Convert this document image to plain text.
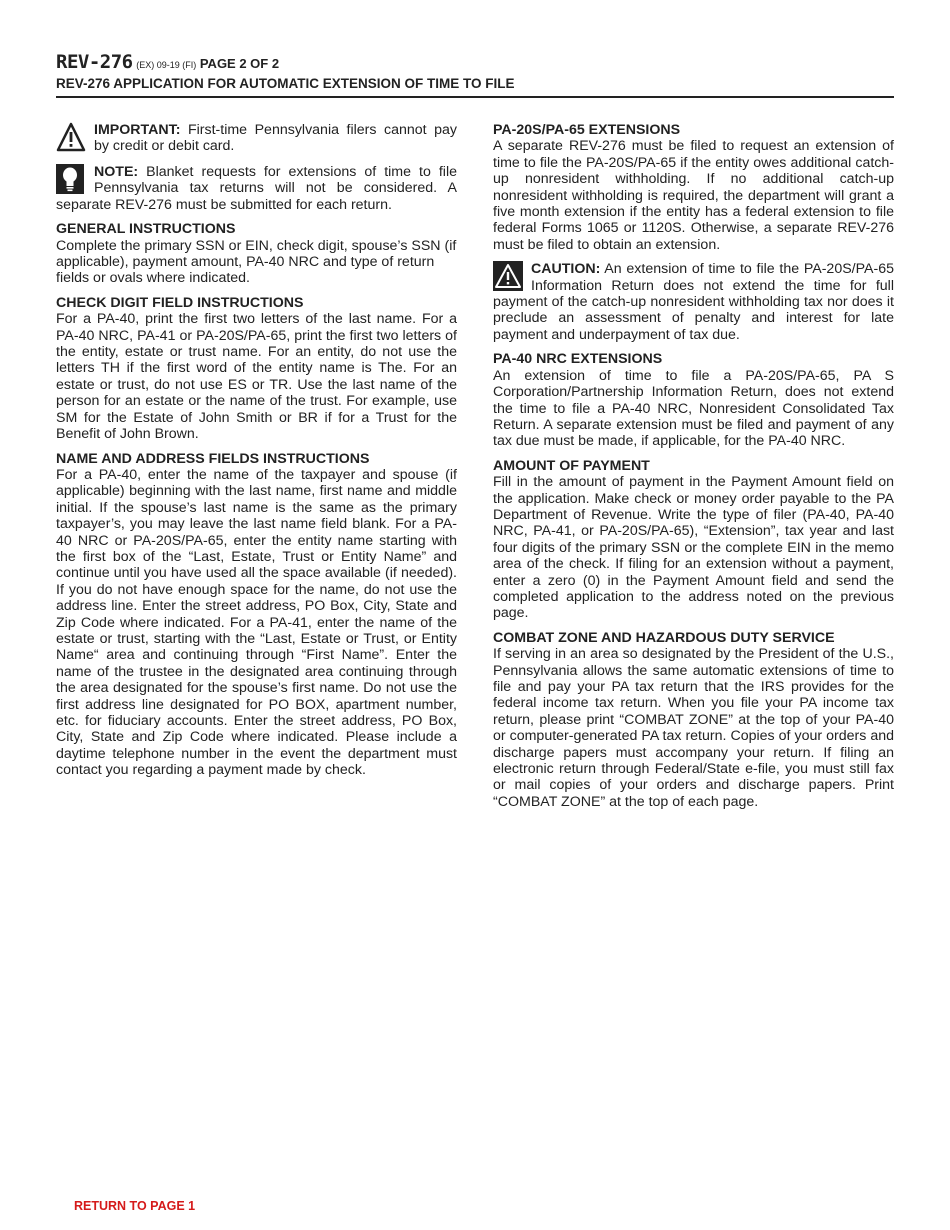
REV-276 (EX) 09-19 (FI) PAGE 2 OF 2
REV-276 APPLICATION FOR AUTOMATIC EXTENSION OF TIME TO FILE

IMPORTANT: First-time Pennsylvania filers cannot pay by credit or debit card.

NOTE: Blanket requests for extensions of time to file Pennsylvania tax returns will not be considered. A separate REV-276 must be submitted for each return.

GENERAL INSTRUCTIONS

Complete the primary SSN or EIN, check digit, spouse’s SSN (if applicable), payment amount, PA-40 NRC and type of return fields or ovals where indicated.

CHECK DIGIT FIELD INSTRUCTIONS

For a PA-40, print the first two letters of the last name. For a PA-40 NRC, PA-41 or PA-20S/PA-65, print the first two letters of the entity, estate or trust name. For an entity, do not use the letters TH if the first word of the entity name is The. For an estate or trust, do not use ES or TR. Use the last name of the person for an estate or the name of the trust. For example, use SM for the Estate of John Smith or BR if for a Trust for the Benefit of John Brown.

NAME AND ADDRESS FIELDS INSTRUCTIONS

For a PA-40, enter the name of the taxpayer and spouse (if applicable) beginning with the last name, first name and middle initial. If the spouse’s last name is the same as the primary taxpayer’s, you may leave the last name field blank. For a PA-40 NRC or PA-20S/PA-65, enter the entity name starting with the first box of the “Last, Estate, Trust or Entity Name” and continue until you have used all the space available (if needed). If you do not have enough space for the name, do not use the address line. Enter the street address, PO Box, City, State and Zip Code where indicated. For a PA-41, enter the name of the estate or trust, starting with the “Last, Estate or Trust, or Entity Name“ area and continuing through “First Name”. Enter the name of the trustee in the designated area continuing through the area designated for the spouse’s first name. Do not use the first address line designated for PO BOX, apartment number, etc. for fiduciary accounts. Enter the street address, PO Box, City, State and Zip Code where indicated. Please include a daytime telephone number in the event the department must contact you regarding a payment made by check.

PA-20S/PA-65 EXTENSIONS

A separate REV-276 must be filed to request an extension of time to file the PA-20S/PA-65 if the entity owes additional catch-up nonresident withholding. If no additional catch-up nonresident withholding is required, the department will grant a five month extension if the entity has a federal extension to file federal Forms 1065 or 1120S. Otherwise, a separate REV-276 must be filed to obtain an extension.

CAUTION: An extension of time to file the PA-20S/PA-65 Information Return does not extend the time for full payment of the catch-up nonresident withholding tax nor does it preclude an assessment of penalty and interest for late payment and underpayment of tax due.

PA-40 NRC EXTENSIONS

An extension of time to file a PA-20S/PA-65, PA S Corporation/Partnership Information Return, does not extend the time to file a PA-40 NRC, Nonresident Consolidated Tax Return. A separate extension must be filed and payment of any tax due must be made, if applicable, for the PA-40 NRC.

AMOUNT OF PAYMENT

Fill in the amount of payment in the Payment Amount field on the application. Make check or money order payable to the PA Department of Revenue. Write the type of filer (PA-40, PA-40 NRC, PA-41, or PA-20S/PA-65), “Extension”, tax year and last four digits of the primary SSN or the complete EIN in the memo area of the check. If filing for an extension without a payment, enter a zero (0) in the Payment Amount field and send the completed application to the address noted on the previous page.

COMBAT ZONE AND HAZARDOUS DUTY SERVICE

If serving in an area so designated by the President of the U.S., Pennsylvania allows the same automatic extensions of time to file and pay your PA tax return that the IRS provides for the federal income tax return. When you file your PA income tax return, please print “COMBAT ZONE” at the top of your PA-40 or computer-generated PA tax return. Copies of your orders and discharge papers must accompany your return. If filing an electronic return through Federal/State e-file, you must still fax or mail copies of your orders and discharge papers. Print “COMBAT ZONE” at the top of each page.

RETURN TO PAGE 1
